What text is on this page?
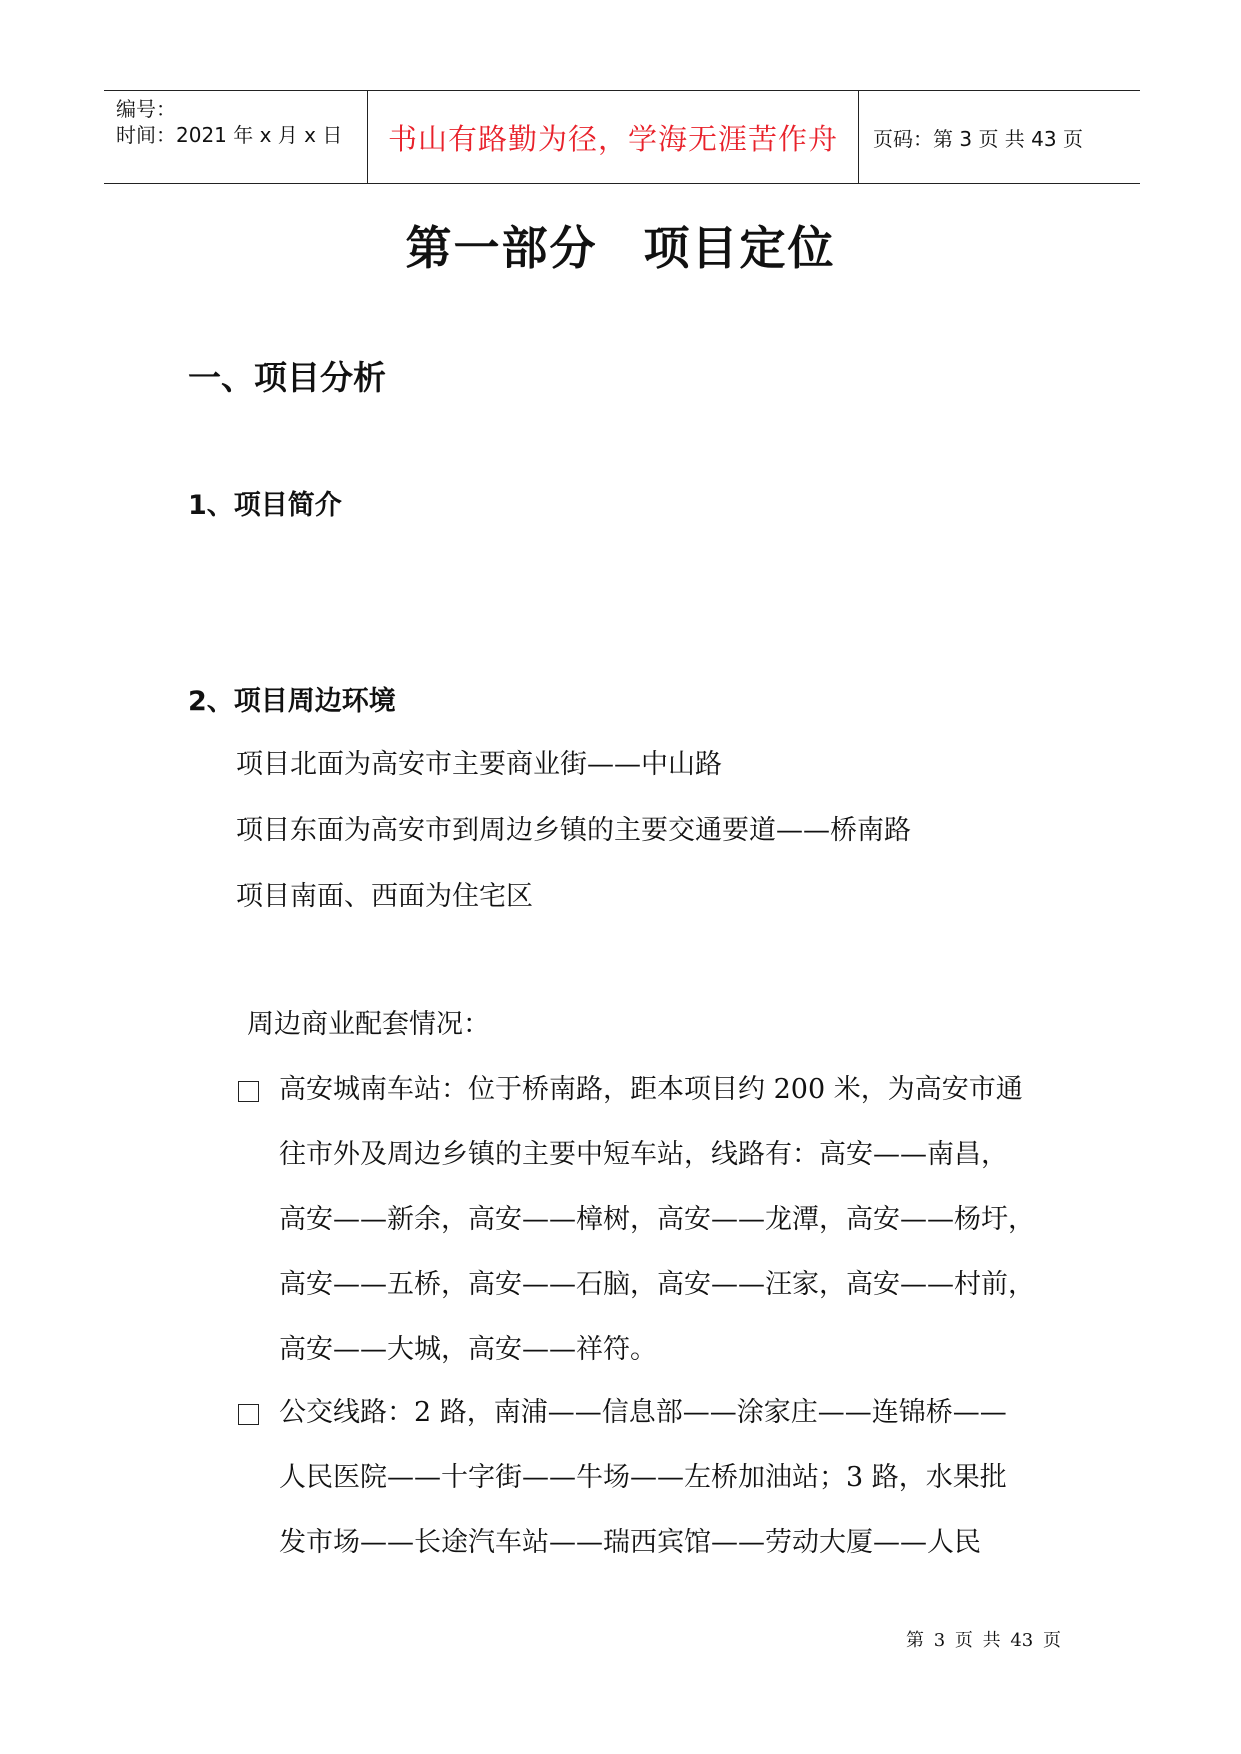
编号：
时间：2021 年 x 月 x 日	书山有路勤为径，学海无涯苦作舟	页码：第 3 页 共 43 页
第一部分 项目定位
一、项目分析
1、项目简介
2、项目周边环境
项目北面为高安市主要商业街——中山路
项目东面为高安市到周边乡镇的主要交通要道——桥南路
项目南面、西面为住宅区
周边商业配套情况：
高安城南车站：位于桥南路，距本项目约 200 米，为高安市通
往市外及周边乡镇的主要中短车站，线路有：高安——南昌，
高安——新余，高安——樟树，高安——龙潭，高安——杨圩，
高安——五桥，高安——石脑，高安——汪家，高安——村前，
高安——大城，高安——祥符。
公交线路：2 路，南浦——信息部——涂家庄——连锦桥——
人民医院——十字街——牛场——左桥加油站；3 路，水果批
发市场——长途汽车站——瑞西宾馆——劳动大厦——人民
第 3 页 共 43 页
